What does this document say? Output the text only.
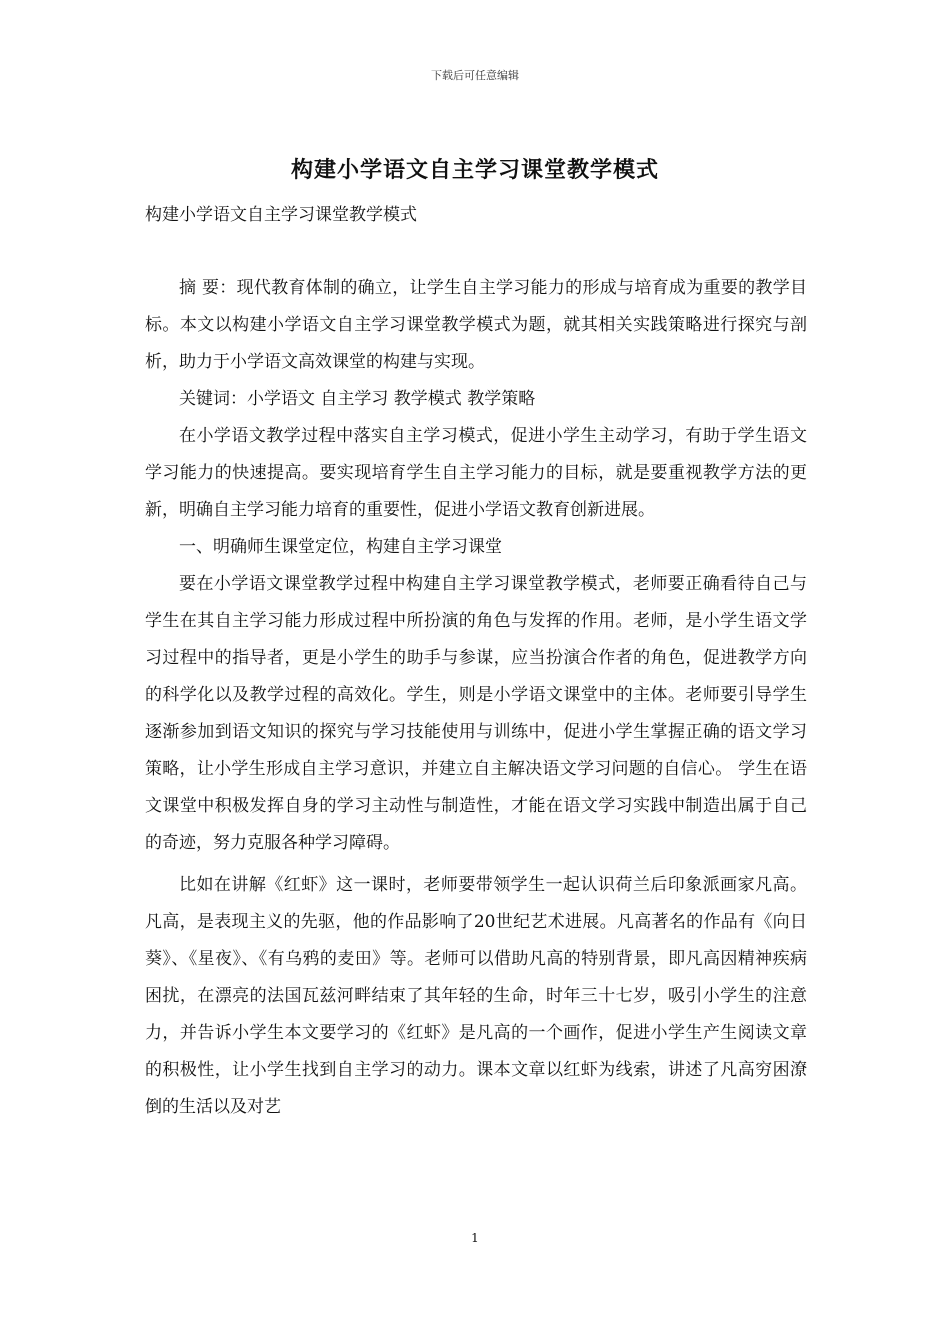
下载后可任意编辑
构建小学语文自主学习课堂教学模式
构建小学语文自主学习课堂教学模式

摘 要：现代教育体制的确立，让学生自主学习能力的形成与培育成为重要的教学目标。本文以构建小学语文自主学习课堂教学模式为题，就其相关实践策略进行探究与剖析，助力于小学语文高效课堂的构建与实现。

关键词：小学语文 自主学习 教学模式 教学策略

在小学语文教学过程中落实自主学习模式，促进小学生主动学习，有助于学生语文学习能力的快速提高。要实现培育学生自主学习能力的目标，就是要重视教学方法的更新，明确自主学习能力培育的重要性，促进小学语文教育创新进展。

一、明确师生课堂定位，构建自主学习课堂

要在小学语文课堂教学过程中构建自主学习课堂教学模式，老师要正确看待自己与学生在其自主学习能力形成过程中所扮演的角色与发挥的作用。老师，是小学生语文学习过程中的指导者，更是小学生的助手与参谋，应当扮演合作者的角色，促进教学方向的科学化以及教学过程的高效化。学生，则是小学语文课堂中的主体。老师要引导学生逐渐参加到语文知识的探究与学习技能使用与训练中，促进小学生掌握正确的语文学习策略，让小学生形成自主学习意识，并建立自主解决语文学习问题的自信心。 学生在语文课堂中积极发挥自身的学习主动性与制造性，才能在语文学习实践中制造出属于自己的奇迹，努力克服各种学习障碍。

比如在讲解《红虾》这一课时，老师要带领学生一起认识荷兰后印象派画家凡高。凡高，是表现主义的先驱，他的作品影响了20世纪艺术进展。凡高著名的作品有《向日葵》、《星夜》、《有乌鸦的麦田》等。老师可以借助凡高的特别背景，即凡高因精神疾病困扰，在漂亮的法国瓦兹河畔结束了其年轻的生命，时年三十七岁，吸引小学生的注意力，并告诉小学生本文要学习的《红虾》是凡高的一个画作，促进小学生产生阅读文章的积极性，让小学生找到自主学习的动力。课本文章以红虾为线索，讲述了凡高穷困潦倒的生活以及对艺

1
